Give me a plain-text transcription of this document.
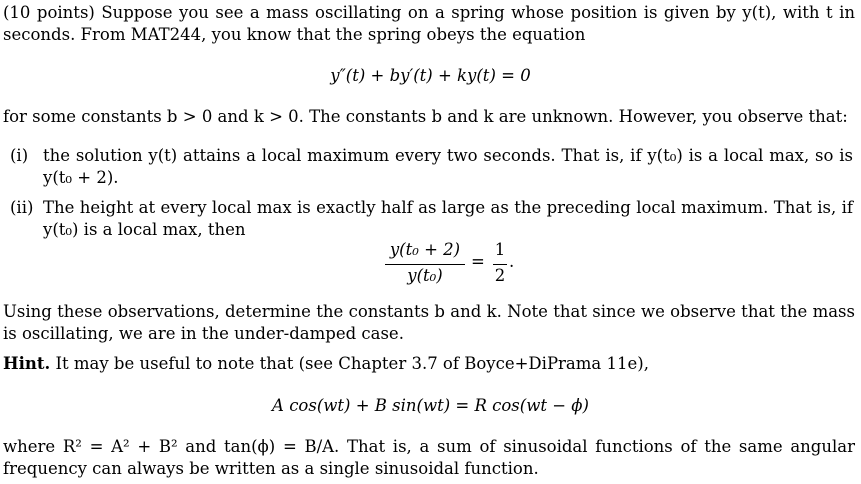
(10 points) Suppose you see a mass oscillating on a spring whose position is given by y(t), with t in seconds. From MAT244, you know that the spring obeys the equation
y″(t) + by′(t) + ky(t) = 0
for some constants b > 0 and k > 0. The constants b and k are unknown. However, you observe that:
(i) the solution y(t) attains a local maximum every two seconds. That is, if y(t₀) is a local max, so is y(t₀ + 2).
(ii) The height at every local max is exactly half as large as the preceding local maximum. That is, if y(t₀) is a local max, then
y(t₀ + 2)
y(t₀)
=
1
2
.
Using these observations, determine the constants b and k. Note that since we observe that the mass is oscillating, we are in the under-damped case.
Hint. It may be useful to note that (see Chapter 3.7 of Boyce+DiPrama 11e),
A cos(wt) + B sin(wt) = R cos(wt − ϕ)
where R² = A² + B² and tan(ϕ) = B/A. That is, a sum of sinusoidal functions of the same angular frequency can always be written as a single sinusoidal function.
